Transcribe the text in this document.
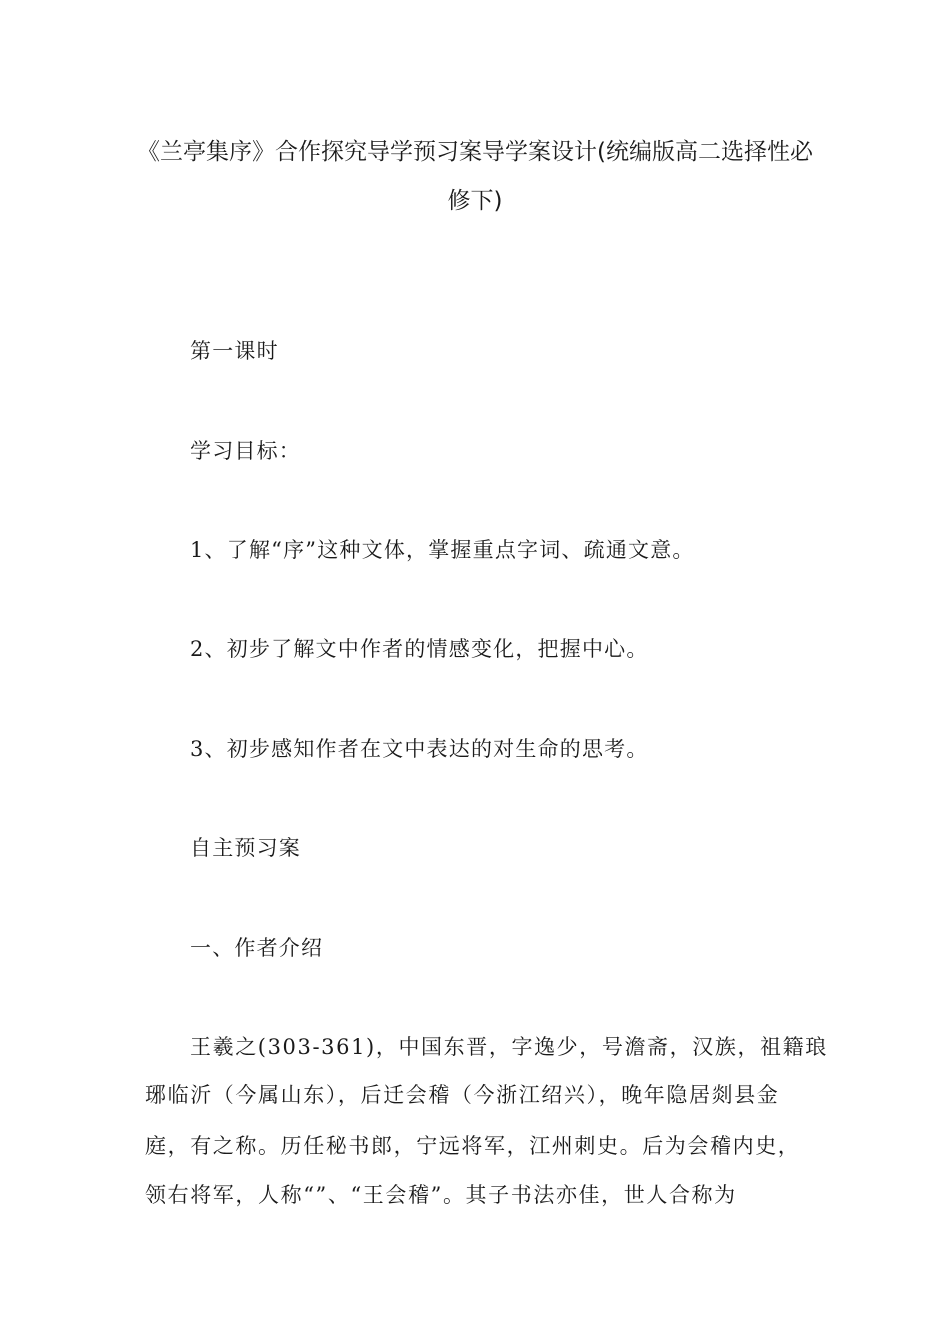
《兰亭集序》合作探究导学预习案导学案设计(统编版高二选择性必
修下)
第一课时
学习目标：
1、了解“序”这种文体，掌握重点字词、疏通文意。
2、初步了解文中作者的情感变化，把握中心。
3、初步感知作者在文中表达的对生命的思考。
自主预习案
一、作者介绍
王羲之(303-361)，中国东晋，字逸少，号澹斋，汉族，祖籍琅
琊临沂（今属山东），后迁会稽（今浙江绍兴），晚年隐居剡县金
庭，有之称。历任秘书郎，宁远将军，江州刺史。后为会稽内史，
领右将军，人称“”、“王会稽”。其子书法亦佳，世人合称为
